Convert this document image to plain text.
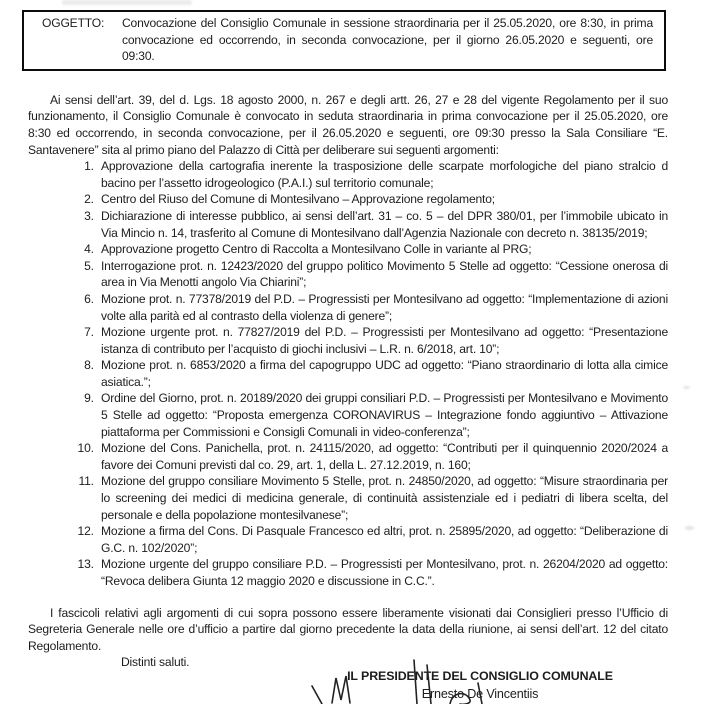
OGGETTO:	Convocazione del Consiglio Comunale in sessione straordinaria per il 25.05.2020, ore 8:30, in prima convocazione ed occorrendo, in seconda convocazione, per il giorno 26.05.2020 e seguenti, ore 09:30.

Ai sensi dell’art. 39, del d. Lgs. 18 agosto 2000, n. 267 e degli artt. 26, 27 e 28 del vigente Regolamento per il suo funzionamento, il Consiglio Comunale è convocato in seduta straordinaria in prima convocazione per il 25.05.2020, ore 8:30 ed occorrendo, in seconda convocazione, per il 26.05.2020 e seguenti, ore 09:30 presso la Sala Consiliare “E. Santavenere” sita al primo piano del Palazzo di Città per deliberare sui seguenti argomenti:

1. Approvazione della cartografia inerente la trasposizione delle scarpate morfologiche del piano stralcio d bacino per l’assetto idrogeologico (P.A.I.) sul territorio comunale;
2. Centro del Riuso del Comune di Montesilvano – Approvazione regolamento;
3. Dichiarazione di interesse pubblico, ai sensi dell’art. 31 – co. 5 – del DPR 380/01, per l’immobile ubicato in Via Mincio n. 14, trasferito al Comune di Montesilvano dall’Agenzia Nazionale con decreto n. 38135/2019;
4. Approvazione progetto Centro di Raccolta a Montesilvano Colle in variante al PRG;
5. Interrogazione prot. n. 12423/2020 del gruppo politico Movimento 5 Stelle ad oggetto: “Cessione onerosa di area in Via Menotti angolo Via Chiarini”;
6. Mozione prot. n. 77378/2019 del P.D. – Progressisti per Montesilvano ad oggetto: “Implementazione di azioni volte alla parità ed al contrasto della violenza di genere”;
7. Mozione urgente prot. n. 77827/2019 del P.D. – Progressisti per Montesilvano ad oggetto: “Presentazione istanza di contributo per l’acquisto di giochi inclusivi – L.R. n. 6/2018, art. 10”;
8. Mozione prot. n. 6853/2020 a firma del capogruppo UDC ad oggetto: “Piano straordinario di lotta alla cimice asiatica.”;
9. Ordine del Giorno, prot. n. 20189/2020 dei gruppi consiliari P.D. – Progressisti per Montesilvano e Movimento 5 Stelle ad oggetto: “Proposta emergenza CORONAVIRUS – Integrazione fondo aggiuntivo – Attivazione piattaforma per Commissioni e Consigli Comunali in video-conferenza”;
10. Mozione del Cons. Panichella, prot. n. 24115/2020, ad oggetto: “Contributi per il quinquennio 2020/2024 a favore dei Comuni previsti dal co. 29, art. 1, della L. 27.12.2019, n. 160;
11. Mozione del gruppo consiliare Movimento 5 Stelle, prot. n. 24850/2020, ad oggetto: “Misure straordinaria per lo screening dei medici di medicina generale, di continuità assistenziale ed i pediatri di libera scelta, del personale e della popolazione montesilvanese”;
12. Mozione a firma del Cons. Di Pasquale Francesco ed altri, prot. n. 25895/2020, ad oggetto: “Deliberazione di G.C. n. 102/2020”;
13. Mozione urgente del gruppo consiliare P.D. – Progressisti per Montesilvano, prot. n. 26204/2020 ad oggetto: “Revoca delibera Giunta 12 maggio 2020 e discussione in C.C.”.

I fascicoli relativi agli argomenti di cui sopra possono essere liberamente visionati dai Consiglieri presso l’Ufficio di Segreteria Generale nelle ore d’ufficio a partire dal giorno precedente la data della riunione, ai sensi dell’art. 12 del citato Regolamento.

Distinti saluti.
IL PRESIDENTE DEL CONSIGLIO COMUNALE
Ernesto De Vincentiis
